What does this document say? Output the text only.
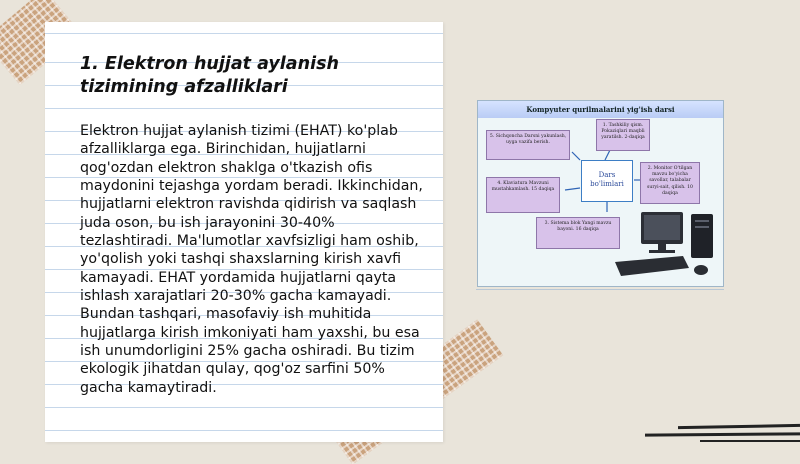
1. Elektron hujjat aylanish tizimining afzalliklari
Elektron hujjat aylanish tizimi (EHAT) ko'plab afzalliklarga ega. Birinchidan, hujjatlarni qog'ozdan elektron shaklga o'tkazish ofis maydonini tejashga yordam beradi. Ikkinchidan, hujjatlarni elektron ravishda qidirish va saqlash juda oson, bu ish jarayonini 30-40% tezlashtiradi. Ma'lumotlar xavfsizligi ham oshib, yo'qolish yoki tashqi shaxslarning kirish xavfi kamayadi. EHAT yordamida hujjatlarni qayta ishlash xarajatlari 20-30% gacha kamayadi. Bundan tashqari, masofaviy ish muhitida hujjatlarga kirish imkoniyati ham yaxshi, bu esa ish unumdorligini 25% gacha oshiradi. Bu tizim ekologik jihatdan qulay, qog'oz sarfini 50% gacha kamaytiradi.
Kompyuter qurilmalarini yig'ish darsi

1. Tashkiliy qism. Pokaziqlari maqbli yaratilsh. 2-daqiqa
5. Sichqoncha Darsni yakunlash, uyga vazifa berish.
4. Klaviatura Mavzuni mustahkamlash. 15 daqiqa
2. Monitor O'tilgan mavzu bo'yicha savollar, talabalar suryi-sait, qilish. 10 daqiqa
3. Sistema blok Yangi mavzu bayoni. 16 daqiqa
Dars bo'limlari
